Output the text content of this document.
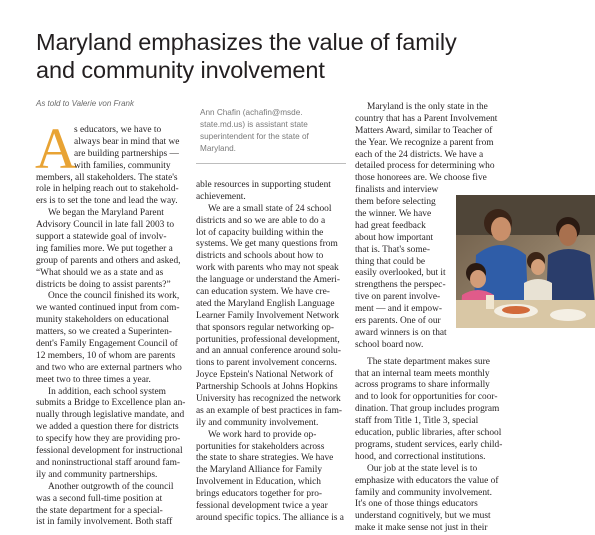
Maryland emphasizes the value of family
and community involvement
As told to Valerie von Frank
A
s educators, we have to
always bear in mind that we
are building partnerships —
with families, community
members, all stakeholders. The state's
role in helping reach out to stakehold-
ers is to set the tone and lead the way.
We began the Maryland Parent
Advisory Council in late fall 2003 to
support a statewide goal of involv-
ing families more. We put together a
group of parents and others and asked,
“What should we as a state and as
districts be doing to assist parents?”
Once the council finished its work,
we wanted continued input from com-
munity stakeholders on educational
matters, so we created a Superinten-
dent's Family Engagement Council of
12 members, 10 of whom are parents
and two who are external partners who
meet two to three times a year.
In addition, each school system
submits a Bridge to Excellence plan an-
nually through legislative mandate, and
we added a question there for districts
to specify how they are providing pro-
fessional development for instructional
and noninstructional staff around fam-
ily and community partnerships.
Another outgrowth of the council
was a second full-time position at
the state department for a special-
ist in family involvement. Both staff
Ann Chafin (achafin@msde.
state.md.us) is assistant state
superintendent for the state of
Maryland.
able resources in supporting student
achievement.
We are a small state of 24 school
districts and so we are able to do a
lot of capacity building within the
systems. We get many questions from
districts and schools about how to
work with parents who may not speak
the language or understand the Ameri-
can education system. We have cre-
ated the Maryland English Language
Learner Family Involvement Network
that sponsors regular networking op-
portunities, professional development,
and an annual conference around solu-
tions to parent involvement concerns.
Joyce Epstein's National Network of
Partnership Schools at Johns Hopkins
University has recognized the network
as an example of best practices in fam-
ily and community involvement.
We work hard to provide op-
portunities for stakeholders across
the state to share strategies. We have
the Maryland Alliance for Family
Involvement in Education, which
brings educators together for pro-
fessional development twice a year
around specific topics. The alliance is a
Maryland is the only state in the
country that has a Parent Involvement
Matters Award, similar to Teacher of
the Year. We recognize a parent from
each of the 24 districts. We have a
detailed process for determining who
those honorees are. We choose five
finalists and interview
them before selecting
the winner. We have
had great feedback
about how important
that is. That's some-
thing that could be
easily overlooked, but it
strengthens the perspec-
tive on parent involve-
ment — and it empow-
ers parents. One of our
award winners is on that
school board now.
The state department makes sure
that an internal team meets monthly
across programs to share informally
and to look for opportunities for coor-
dination. That group includes program
staff from Title 1, Title 3, special
education, public libraries, after school
programs, student services, early child-
hood, and correctional institutions.
Our job at the state level is to
emphasize with educators the value of
family and community involvement.
It's one of those things educators
understand cognitively, but we must
make it make sense not just in their
